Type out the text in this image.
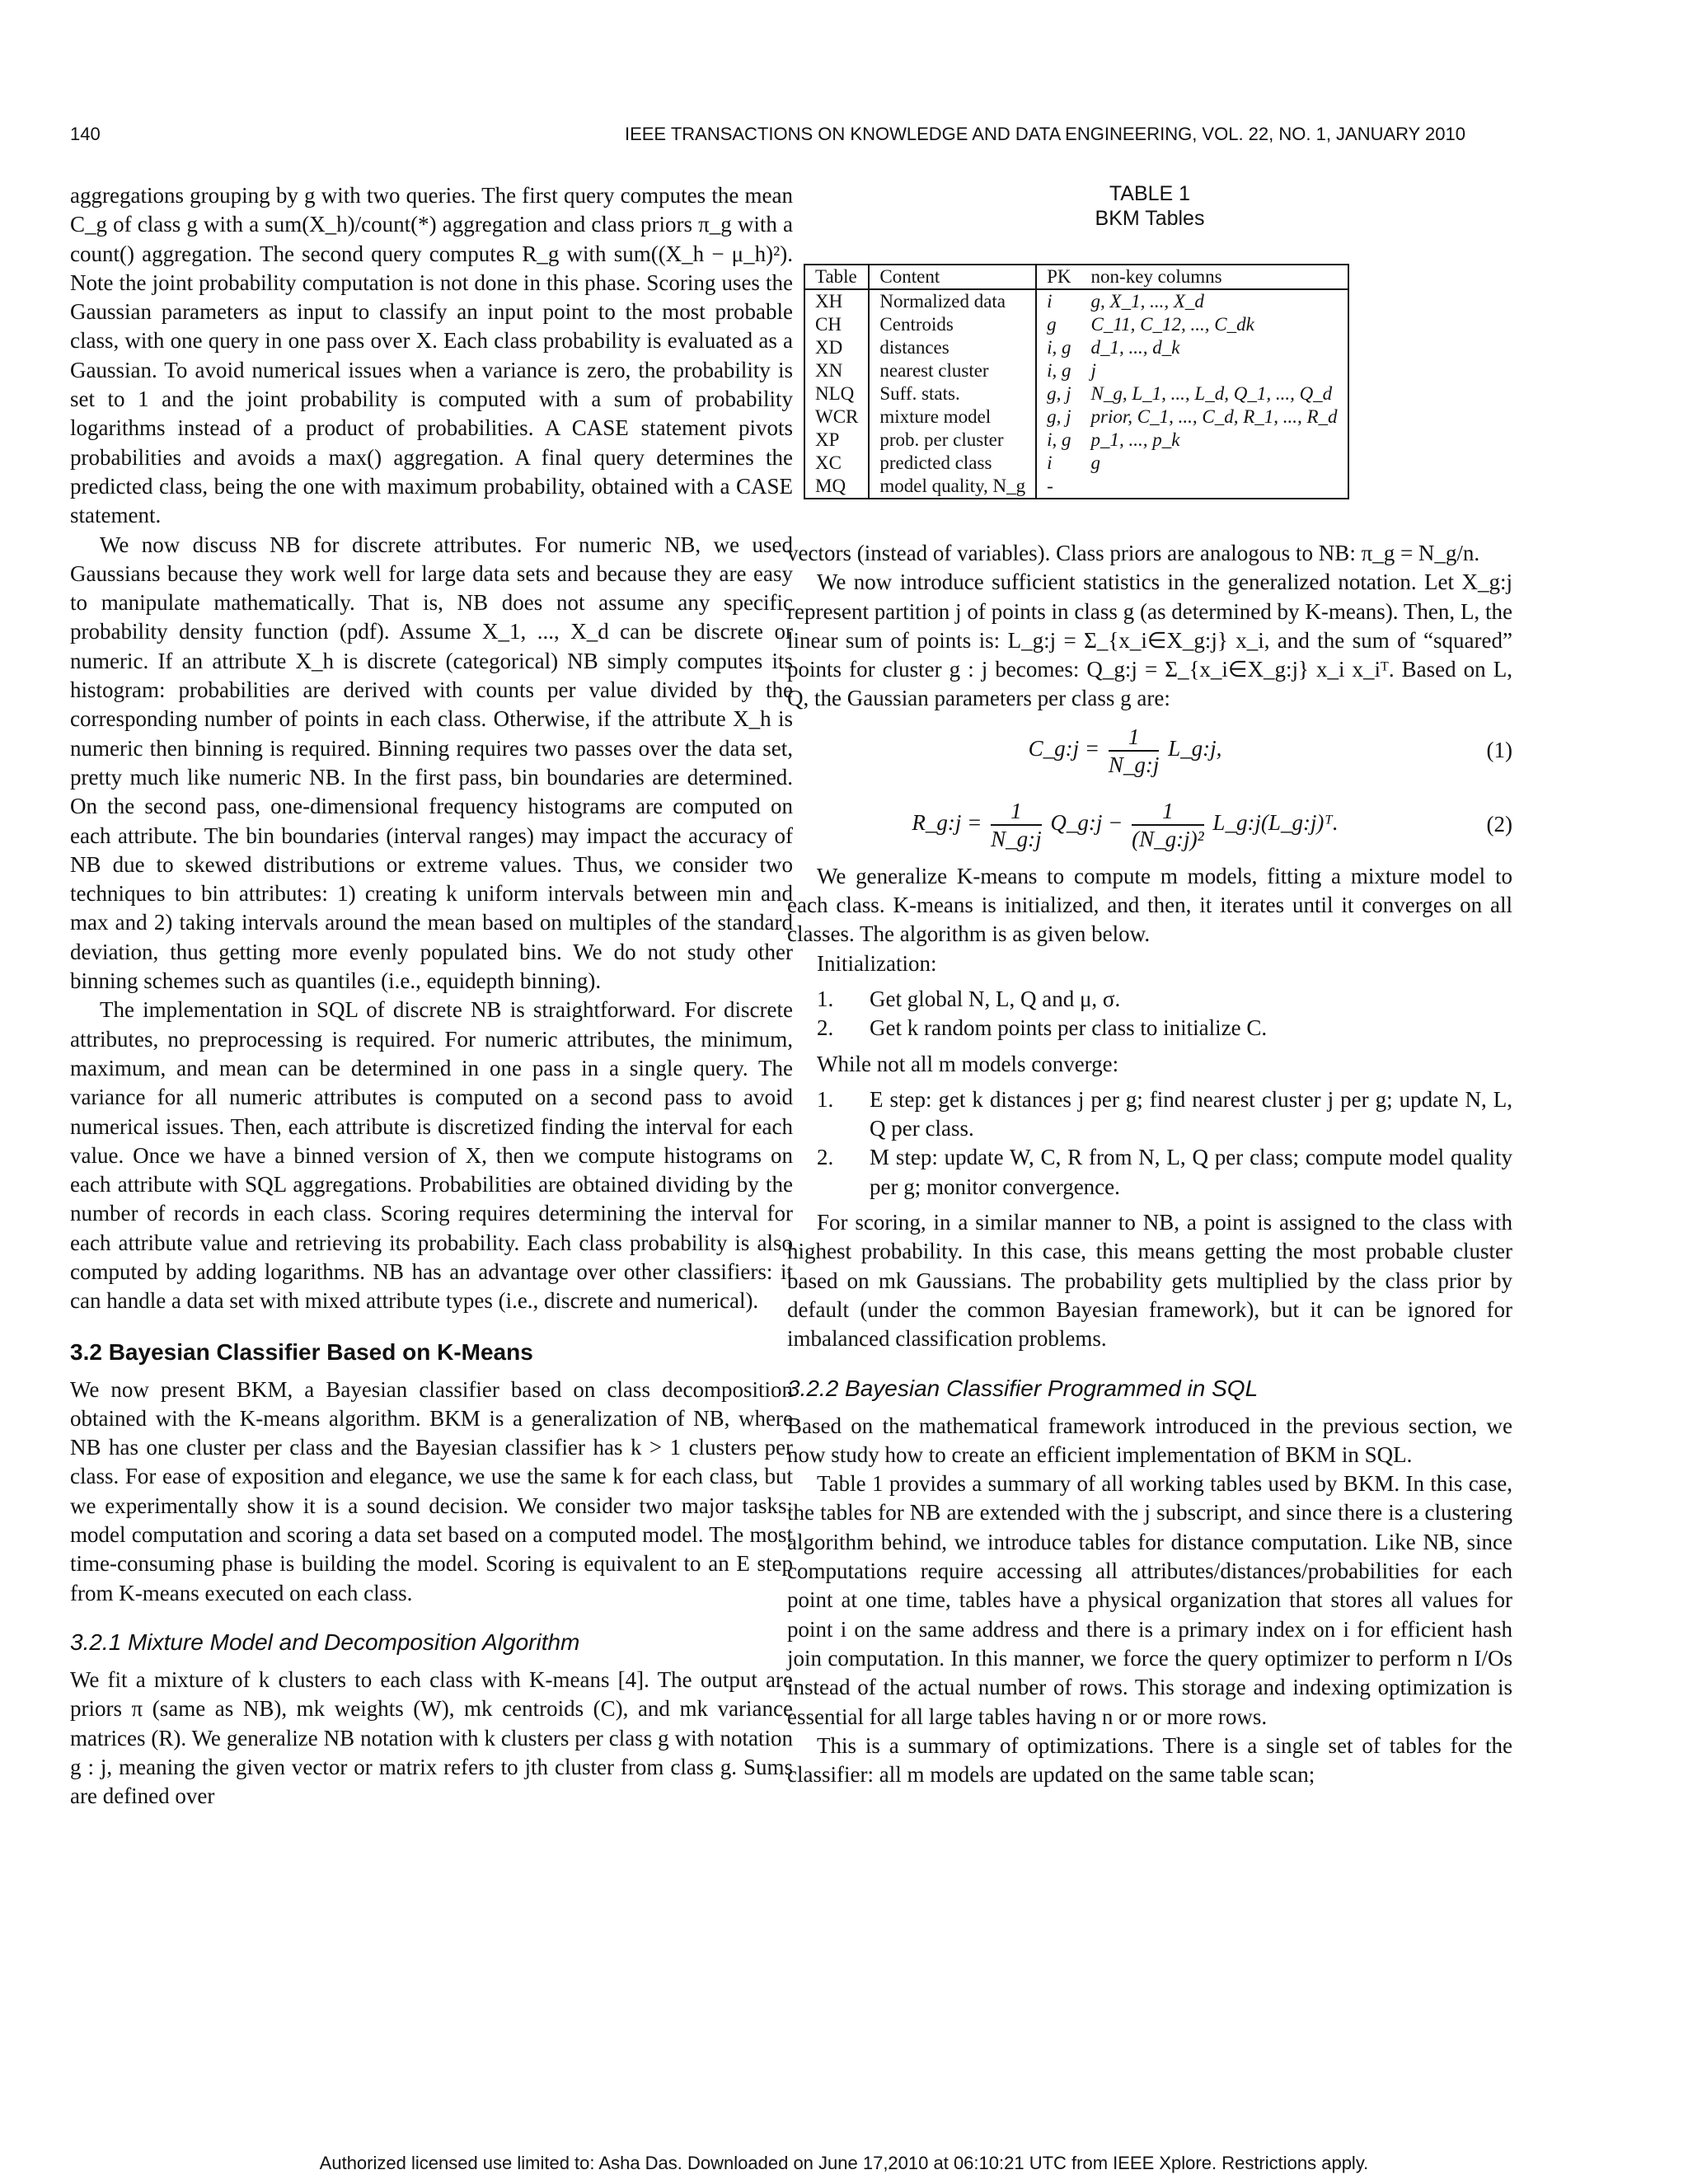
140	IEEE TRANSACTIONS ON KNOWLEDGE AND DATA ENGINEERING, VOL. 22, NO. 1, JANUARY 2010

aggregations grouping by g with two queries. The first query computes the mean C_g of class g with a sum(X_h)/count(*) aggregation and class priors π_g with a count() aggregation. The second query computes R_g with sum((X_h − μ_h)²). Note the joint probability computation is not done in this phase. Scoring uses the Gaussian parameters as input to classify an input point to the most probable class, with one query in one pass over X. Each class probability is evaluated as a Gaussian. To avoid numerical issues when a variance is zero, the probability is set to 1 and the joint probability is computed with a sum of probability logarithms instead of a product of probabilities. A CASE statement pivots probabilities and avoids a max() aggregation. A final query determines the predicted class, being the one with maximum probability, obtained with a CASE statement.

We now discuss NB for discrete attributes. For numeric NB, we used Gaussians because they work well for large data sets and because they are easy to manipulate mathematically. That is, NB does not assume any specific probability density function (pdf). Assume X_1, ..., X_d can be discrete or numeric. If an attribute X_h is discrete (categorical) NB simply computes its histogram: probabilities are derived with counts per value divided by the corresponding number of points in each class. Otherwise, if the attribute X_h is numeric then binning is required. Binning requires two passes over the data set, pretty much like numeric NB. In the first pass, bin boundaries are determined. On the second pass, one-dimensional frequency histograms are computed on each attribute. The bin boundaries (interval ranges) may impact the accuracy of NB due to skewed distributions or extreme values. Thus, we consider two techniques to bin attributes: 1) creating k uniform intervals between min and max and 2) taking intervals around the mean based on multiples of the standard deviation, thus getting more evenly populated bins. We do not study other binning schemes such as quantiles (i.e., equidepth binning).

The implementation in SQL of discrete NB is straightforward. For discrete attributes, no preprocessing is required. For numeric attributes, the minimum, maximum, and mean can be determined in one pass in a single query. The variance for all numeric attributes is computed on a second pass to avoid numerical issues. Then, each attribute is discretized finding the interval for each value. Once we have a binned version of X, then we compute histograms on each attribute with SQL aggregations. Probabilities are obtained dividing by the number of records in each class. Scoring requires determining the interval for each attribute value and retrieving its probability. Each class probability is also computed by adding logarithms. NB has an advantage over other classifiers: it can handle a data set with mixed attribute types (i.e., discrete and numerical).

3.2 Bayesian Classifier Based on K-Means

We now present BKM, a Bayesian classifier based on class decomposition obtained with the K-means algorithm. BKM is a generalization of NB, where NB has one cluster per class and the Bayesian classifier has k > 1 clusters per class. For ease of exposition and elegance, we use the same k for each class, but we experimentally show it is a sound decision. We consider two major tasks: model computation and scoring a data set based on a computed model. The most time-consuming phase is building the model. Scoring is equivalent to an E step from K-means executed on each class.

3.2.1 Mixture Model and Decomposition Algorithm

We fit a mixture of k clusters to each class with K-means [4]. The output are priors π (same as NB), mk weights (W), mk centroids (C), and mk variance matrices (R). We generalize NB notation with k clusters per class g with notation g : j, meaning the given vector or matrix refers to jth cluster from class g. Sums are defined over

TABLE 1
BKM Tables
Table	Content	PK	non-key columns
XH	Normalized data	i	g, X_1, ..., X_d
CH	Centroids	g	C_11, C_12, ..., C_dk
XD	distances	i, g	d_1, ..., d_k
XN	nearest cluster	i, g	j
NLQ	Suff. stats.	g, j	N_g, L_1, ..., L_d, Q_1, ..., Q_d
WCR	mixture model	g, j	prior, C_1, ..., C_d, R_1, ..., R_d
XP	prob. per cluster	i, g	p_1, ..., p_k
XC	predicted class	i	g
MQ	model quality, N_g	-	

vectors (instead of variables). Class priors are analogous to NB: π_g = N_g/n.

We now introduce sufficient statistics in the generalized notation. Let X_g:j represent partition j of points in class g (as determined by K-means). Then, L, the linear sum of points is: L_g:j = Σ_{x_i∈X_g:j} x_i, and the sum of “squared” points for cluster g : j becomes: Q_g:j = Σ_{x_i∈X_g:j} x_i x_iᵀ. Based on L, Q, the Gaussian parameters per class g are:

C_g:j = $\frac{1}{N\_g:j}$ L_g:j,	(1)
R_g:j = $\frac{1}{N\_g:j}$ Q_g:j − $\frac{1}{\text{(N\_g:j)²}}$ L_g:j(L_g:j)ᵀ.	(2)

We generalize K-means to compute m models, fitting a mixture model to each class. K-means is initialized, and then, it iterates until it converges on all classes. The algorithm is as given below.

Initialization:
1. Get global N, L, Q and μ, σ.
2. Get k random points per class to initialize C.
While not all m models converge:
1. E step: get k distances j per g; find nearest cluster j per g; update N, L, Q per class.
2. M step: update W, C, R from N, L, Q per class; compute model quality per g; monitor convergence.

For scoring, in a similar manner to NB, a point is assigned to the class with highest probability. In this case, this means getting the most probable cluster based on mk Gaussians. The probability gets multiplied by the class prior by default (under the common Bayesian framework), but it can be ignored for imbalanced classification problems.

3.2.2 Bayesian Classifier Programmed in SQL

Based on the mathematical framework introduced in the previous section, we now study how to create an efficient implementation of BKM in SQL.

Table 1 provides a summary of all working tables used by BKM. In this case, the tables for NB are extended with the j subscript, and since there is a clustering algorithm behind, we introduce tables for distance computation. Like NB, since computations require accessing all attributes/distances/probabilities for each point at one time, tables have a physical organization that stores all values for point i on the same address and there is a primary index on i for efficient hash join computation. In this manner, we force the query optimizer to perform n I/Os instead of the actual number of rows. This storage and indexing optimization is essential for all large tables having n or or more rows.

This is a summary of optimizations. There is a single set of tables for the classifier: all m models are updated on the same table scan;

Authorized licensed use limited to: Asha Das. Downloaded on June 17,2010 at 06:10:21 UTC from IEEE Xplore. Restrictions apply.
